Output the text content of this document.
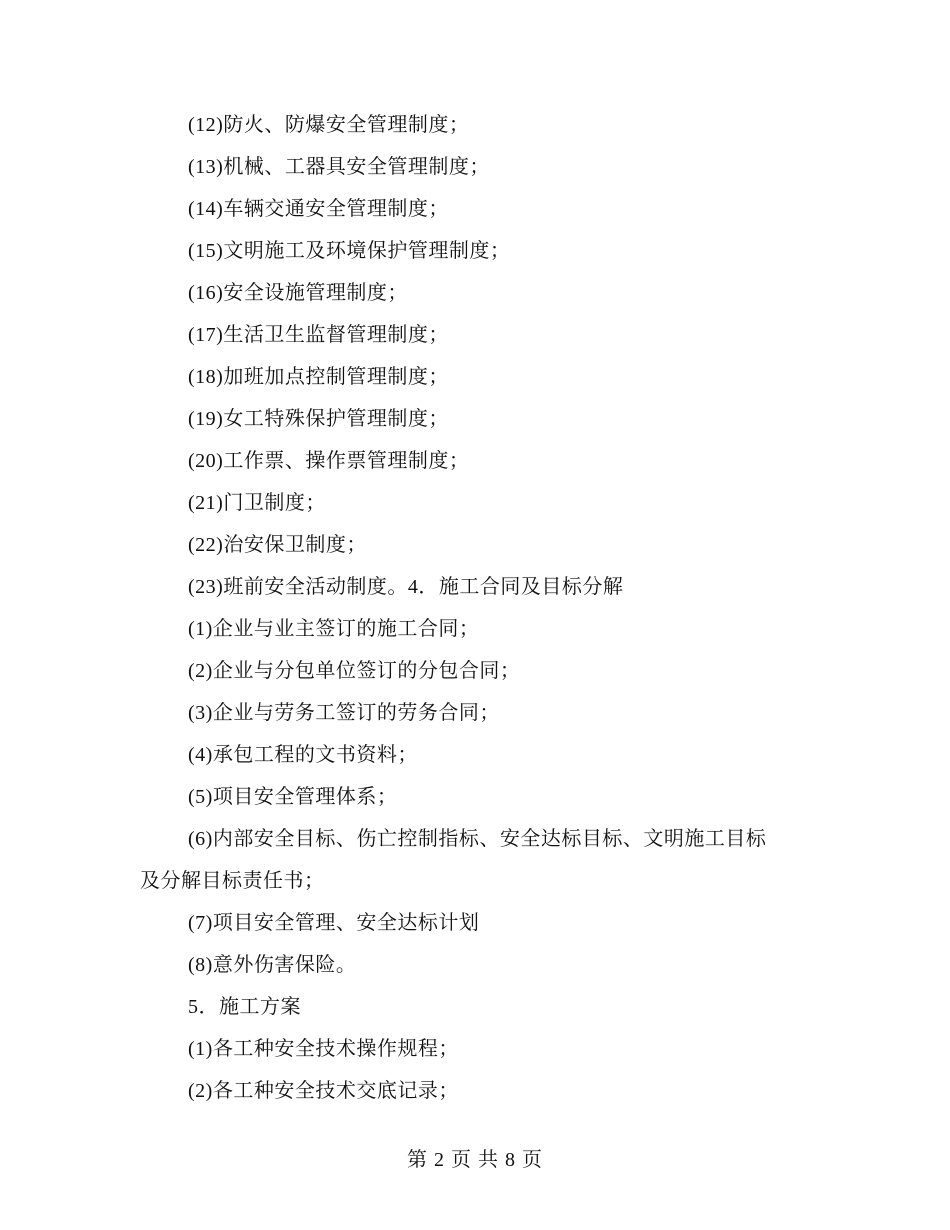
(12)防火、防爆安全管理制度；
(13)机械、工器具安全管理制度；
(14)车辆交通安全管理制度；
(15)文明施工及环境保护管理制度；
(16)安全设施管理制度；
(17)生活卫生监督管理制度；
(18)加班加点控制管理制度；
(19)女工特殊保护管理制度；
(20)工作票、操作票管理制度；
(21)门卫制度；
(22)治安保卫制度；
(23)班前安全活动制度。4．施工合同及目标分解
(1)企业与业主签订的施工合同；
(2)企业与分包单位签订的分包合同；
(3)企业与劳务工签订的劳务合同；
(4)承包工程的文书资料；
(5)项目安全管理体系；
(6)内部安全目标、伤亡控制指标、安全达标目标、文明施工目标
及分解目标责任书；
(7)项目安全管理、安全达标计划
(8)意外伤害保险。
5．施工方案
(1)各工种安全技术操作规程；
(2)各工种安全技术交底记录；
第 2 页 共 8 页
